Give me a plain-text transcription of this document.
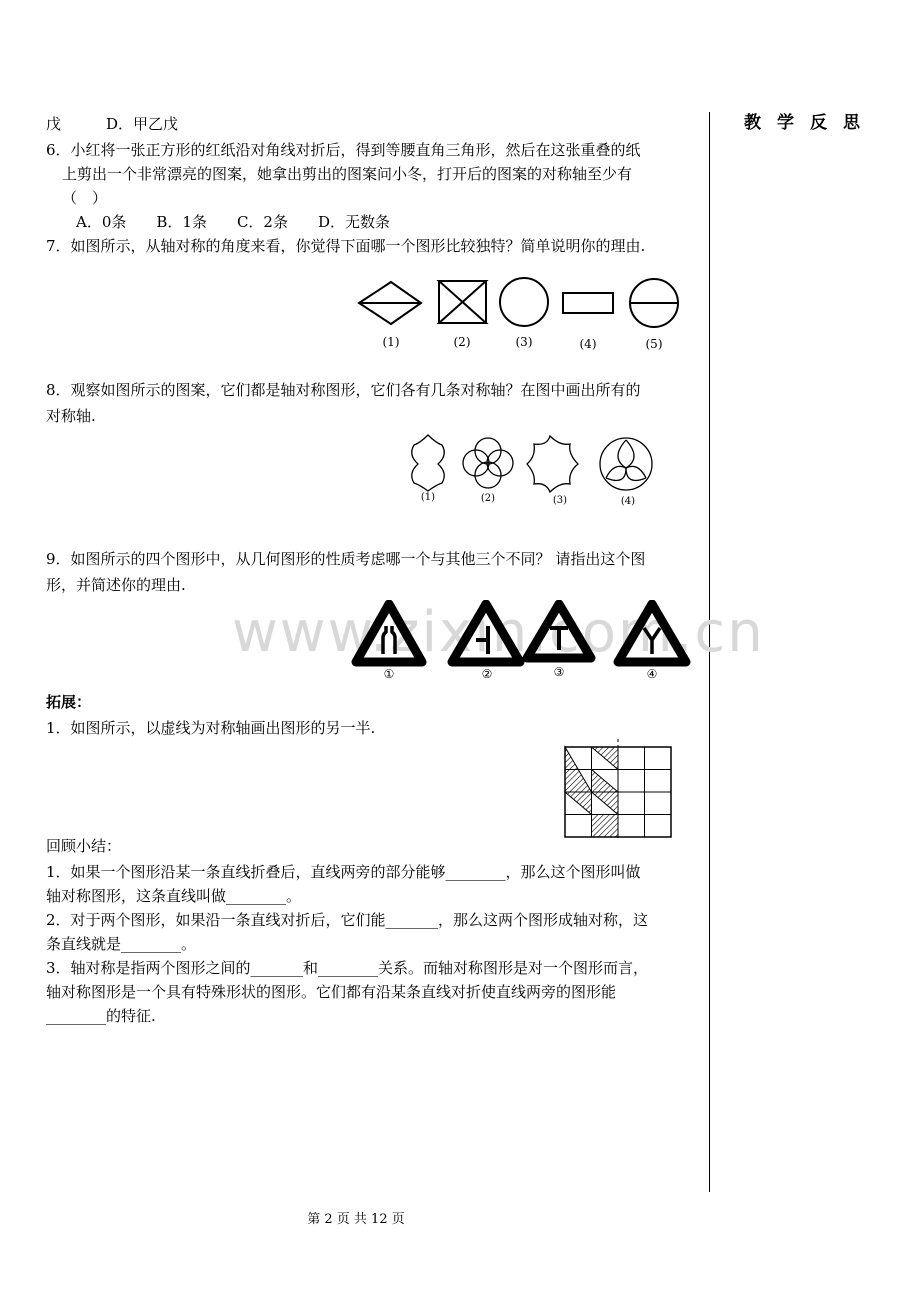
教学反思
戊　　　D．甲乙戊
6．小红将一张正方形的红纸沿对角线对折后，得到等腰直角三角形，然后在这张重叠的纸
上剪出一个非常漂亮的图案，她拿出剪出的图案问小冬，打开后的图案的对称轴至少有
（　）
A．0条　　B．1条　　C．2条　　D．无数条
7．如图所示，从轴对称的角度来看，你觉得下面哪一个图形比较独特？简单说明你的理由.
(1)	(2)	(3)	(4)	(5)
8．观察如图所示的图案，它们都是轴对称图形，它们各有几条对称轴？在图中画出所有的
对称轴.
(1)	(2)	(3)	(4)
9．如图所示的四个图形中，从几何图形的性质考虑哪一个与其他三个不同？ 请指出这个图
形，并简述你的理由.
www.zixin.com.cn
①	②	③	④
拓展：
1．如图所示，以虚线为对称轴画出图形的另一半.
回顾小结：
1．如果一个图形沿某一条直线折叠后，直线两旁的部分能够________，那么这个图形叫做
轴对称图形，这条直线叫做________。
2．对于两个图形，如果沿一条直线对折后，它们能_______，那么这两个图形成轴对称，这
条直线就是________。
3．轴对称是指两个图形之间的_______和________关系。而轴对称图形是对一个图形而言，
轴对称图形是一个具有特殊形状的图形。它们都有沿某条直线对折使直线两旁的图形能
________的特征.
第 2 页 共 12 页
